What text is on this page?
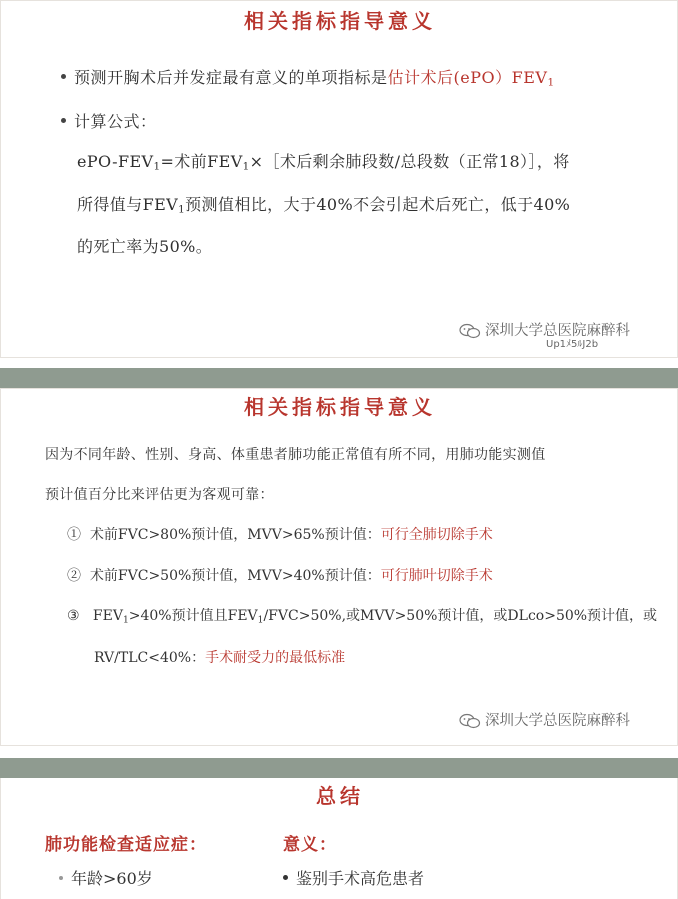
相关指标指导意义
预测开胸术后并发症最有意义的单项指标是估计术后$(ePO)FEV_1$
计算公式：
ePO-$FEV_1=$术前$FEV_1\times[$术后剩余肺段数/总段数（正常18）］，将
所得值与$FEV_1$预测值相比，大于40%不会引起术后死亡，低于40%
的死亡率为50%。
深圳大学总医院麻醉科
Up1ﾒ5ﾙJ2b
相关指标指导意义
因为不同年龄、性别、身高、体重患者肺功能正常值有所不同，用肺功能实测值
预计值百分比来评估更为客观可靠：
① 术前FVC>80%预计值，MVV>65%预计值：可行全肺切除手术
② 术前FVC>50%预计值，MVV>40%预计值：可行肺叶切除手术
③ $FEV_1>40\%$预计值且$FEV_1/FVC>50\%$,或MVV>50%预计值，或DLco>50%预计值，或
RV/TLC<40%：手术耐受力的最低标准
深圳大学总医院麻醉科
总结
肺功能检查适应症：
年龄>60岁
意义：
鉴别手术高危患者
